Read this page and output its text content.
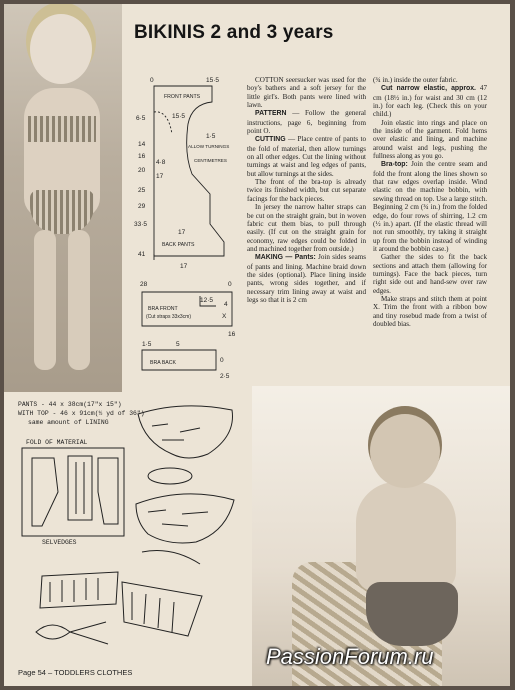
BIKINIS 2 and 3 years
0	15·5
FRONT PANTS
15·5
6·5
14
16
20
25
29
33·5
41
1·5
4·8
17
17
ALLOW TURNINGS
CENTIMETRES
BACK PANTS
17
28	0
BRA FRONT
(Cut straps 33x3cm)
12·5
4
X
16
1·5	5
BRA BACK	0
2·5

COTTON seersucker was used for the boy's bathers and a soft jersey for the little girl's. Both pants were lined with lawn.

PATTERN — Follow the general instructions, page 6, beginning from point O.

CUTTING — Place centre of pants to the fold of material, then allow turnings on all other edges. Cut the lining without turnings at waist and leg edges of pants, but allow turnings at the sides.

The front of the bra-top is already twice its finished width, but cut separate facings for the back pieces.

In jersey the narrow halter straps can be cut on the straight grain, but in woven fabric cut them bias, to pull through easily. (If cut on the straight grain for economy, raw edges could be folded in and machined together from outside.)

MAKING — Pants: Join sides seams of pants and lining. Machine braid down the sides (optional). Place lining inside pants, wrong sides together, and if necessary trim lining away at waist and legs so that it is 2 cm

(¾ in.) inside the outer fabric.

Cut narrow elastic, approx. 47 cm (18½ in.) for waist and 30 cm (12 in.) for each leg. (Check this on your child.)

Join elastic into rings and place on the inside of the garment. Fold hems over elastic and lining, and machine around waist and legs, pushing the fullness along as you go.

Bra-top: Join the centre seam and fold the front along the lines shown so that raw edges overlap inside. Wind elastic on the machine bobbin, with sewing thread on top. Use a large stitch. Beginning 2 cm (¾ in.) from the folded edge, do four rows of shirring, 1.2 cm (½ in.) apart. (If the elastic thread will not run smoothly, try taking it straight up from the bobbin instead of winding it around the bobbin case.)

Gather the sides to fit the back sections and attach them (allowing for turnings). Face the back pieces, turn right side out and hand-sew over raw edges.

Make straps and stitch them at point X. Trim the front with a ribbon bow and tiny rosebud made from a twist of doubled bias.

PANTS - 44 x 38cm(17"x 15")
WITH TOP - 46 x 91cm(½ yd of 36")
same amount of LINING
FOLD OF MATERIAL
SELVEDGES
Page 54 – TODDLERS CLOTHES
PassionForum.ru
